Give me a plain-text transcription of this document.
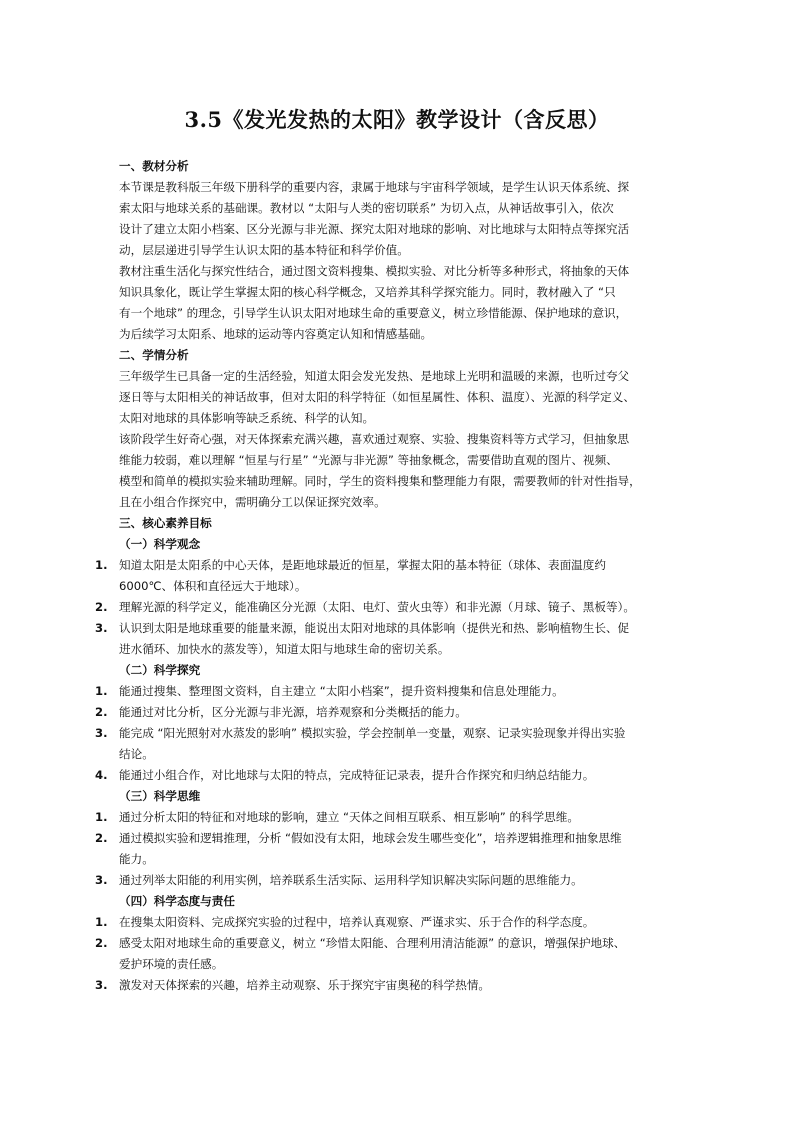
3.5《发光发热的太阳》教学设计（含反思）
一、教材分析
本节课是教科版三年级下册科学的重要内容，隶属于地球与宇宙科学领域，是学生认识天体系统、探
索太阳与地球关系的基础课。教材以 “太阳与人类的密切联系” 为切入点，从神话故事引入，依次
设计了建立太阳小档案、区分光源与非光源、探究太阳对地球的影响、对比地球与太阳特点等探究活
动，层层递进引导学生认识太阳的基本特征和科学价值。
教材注重生活化与探究性结合，通过图文资料搜集、模拟实验、对比分析等多种形式，将抽象的天体
知识具象化，既让学生掌握太阳的核心科学概念，又培养其科学探究能力。同时，教材融入了 “只
有一个地球” 的理念，引导学生认识太阳对地球生命的重要意义，树立珍惜能源、保护地球的意识，
为后续学习太阳系、地球的运动等内容奠定认知和情感基础。
二、学情分析
三年级学生已具备一定的生活经验，知道太阳会发光发热、是地球上光明和温暖的来源，也听过夸父
逐日等与太阳相关的神话故事，但对太阳的科学特征（如恒星属性、体积、温度）、光源的科学定义、
太阳对地球的具体影响等缺乏系统、科学的认知。
该阶段学生好奇心强，对天体探索充满兴趣，喜欢通过观察、实验、搜集资料等方式学习，但抽象思
维能力较弱，难以理解 “恒星与行星” “光源与非光源” 等抽象概念，需要借助直观的图片、视频、
模型和简单的模拟实验来辅助理解。同时，学生的资料搜集和整理能力有限，需要教师的针对性指导，
且在小组合作探究中，需明确分工以保证探究效率。
三、核心素养目标
（一）科学观念
1. 知道太阳是太阳系的中心天体，是距地球最近的恒星，掌握太阳的基本特征（球体、表面温度约
6000℃、体积和直径远大于地球）。
2. 理解光源的科学定义，能准确区分光源（太阳、电灯、萤火虫等）和非光源（月球、镜子、黑板等）。
3. 认识到太阳是地球重要的能量来源，能说出太阳对地球的具体影响（提供光和热、影响植物生长、促
进水循环、加快水的蒸发等），知道太阳与地球生命的密切关系。
（二）科学探究
1. 能通过搜集、整理图文资料，自主建立 “太阳小档案”，提升资料搜集和信息处理能力。
2. 能通过对比分析，区分光源与非光源，培养观察和分类概括的能力。
3. 能完成 “阳光照射对水蒸发的影响” 模拟实验，学会控制单一变量，观察、记录实验现象并得出实验
结论。
4. 能通过小组合作，对比地球与太阳的特点，完成特征记录表，提升合作探究和归纳总结能力。
（三）科学思维
1. 通过分析太阳的特征和对地球的影响，建立 “天体之间相互联系、相互影响” 的科学思维。
2. 通过模拟实验和逻辑推理，分析 “假如没有太阳，地球会发生哪些变化”，培养逻辑推理和抽象思维
能力。
3. 通过列举太阳能的利用实例，培养联系生活实际、运用科学知识解决实际问题的思维能力。
（四）科学态度与责任
1. 在搜集太阳资料、完成探究实验的过程中，培养认真观察、严谨求实、乐于合作的科学态度。
2. 感受太阳对地球生命的重要意义，树立 “珍惜太阳能、合理利用清洁能源” 的意识，增强保护地球、
爱护环境的责任感。
3. 激发对天体探索的兴趣，培养主动观察、乐于探究宇宙奥秘的科学热情。
